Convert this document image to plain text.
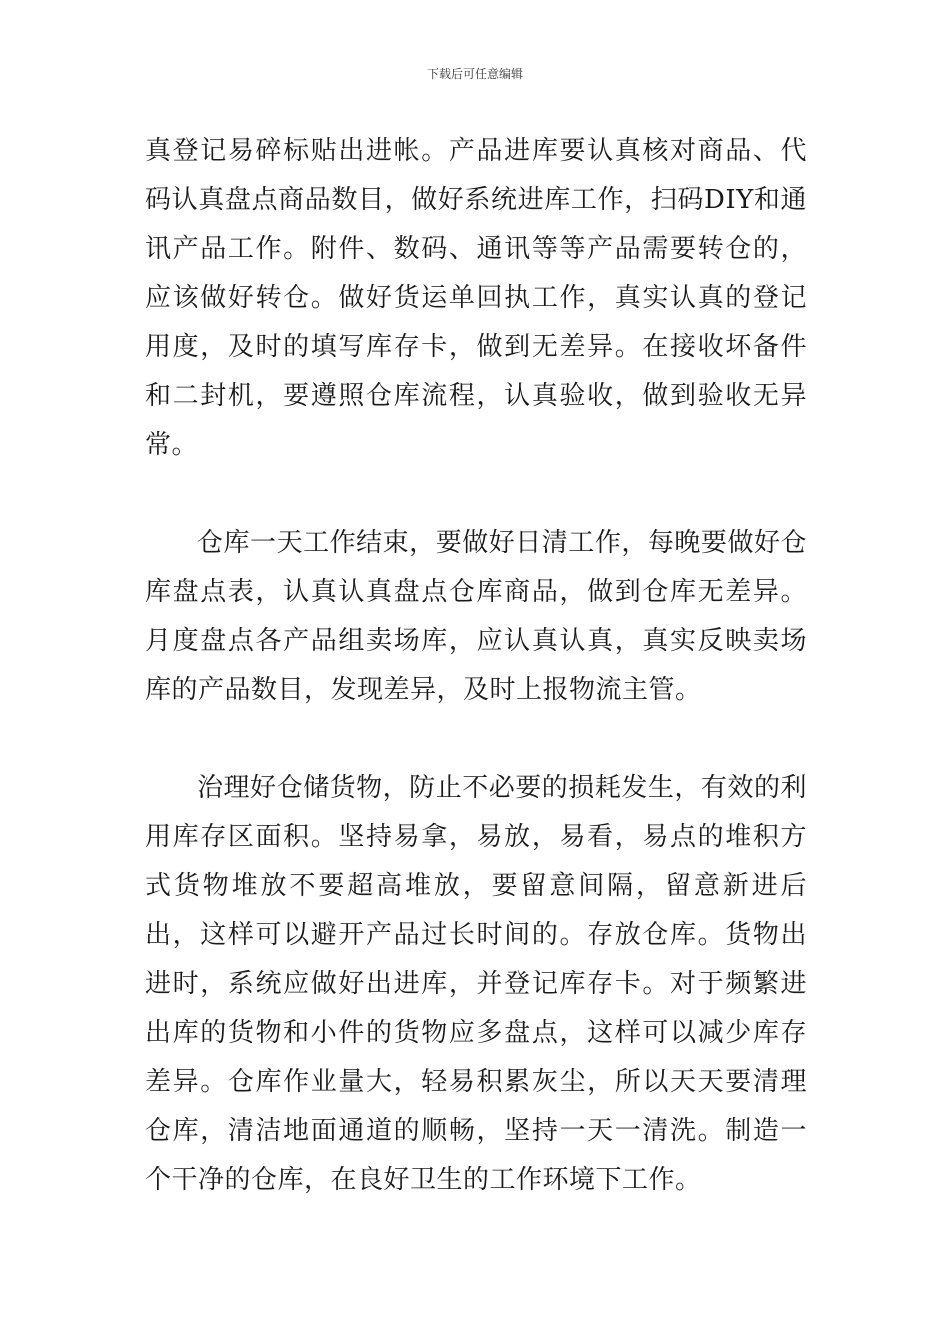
下载后可任意编辑

真登记易碎标贴出进帐。产品进库要认真核对商品、代码认真盘点商品数目，做好系统进库工作，扫码DIY和通讯产品工作。附件、数码、通讯等等产品需要转仓的，应该做好转仓。做好货运单回执工作，真实认真的登记用度，及时的填写库存卡，做到无差异。在接收坏备件和二封机，要遵照仓库流程，认真验收，做到验收无异常。

仓库一天工作结束，要做好日清工作，每晚要做好仓库盘点表，认真认真盘点仓库商品，做到仓库无差异。月度盘点各产品组卖场库，应认真认真，真实反映卖场库的产品数目，发现差异，及时上报物流主管。

治理好仓储货物，防止不必要的损耗发生，有效的利用库存区面积。坚持易拿，易放，易看，易点的堆积方式货物堆放不要超高堆放，要留意间隔，留意新进后出，这样可以避开产品过长时间的。存放仓库。货物出进时，系统应做好出进库，并登记库存卡。对于频繁进出库的货物和小件的货物应多盘点，这样可以减少库存差异。仓库作业量大，轻易积累灰尘，所以天天要清理仓库，清洁地面通道的顺畅，坚持一天一清洗。制造一个干净的仓库，在良好卫生的工作环境下工作。
